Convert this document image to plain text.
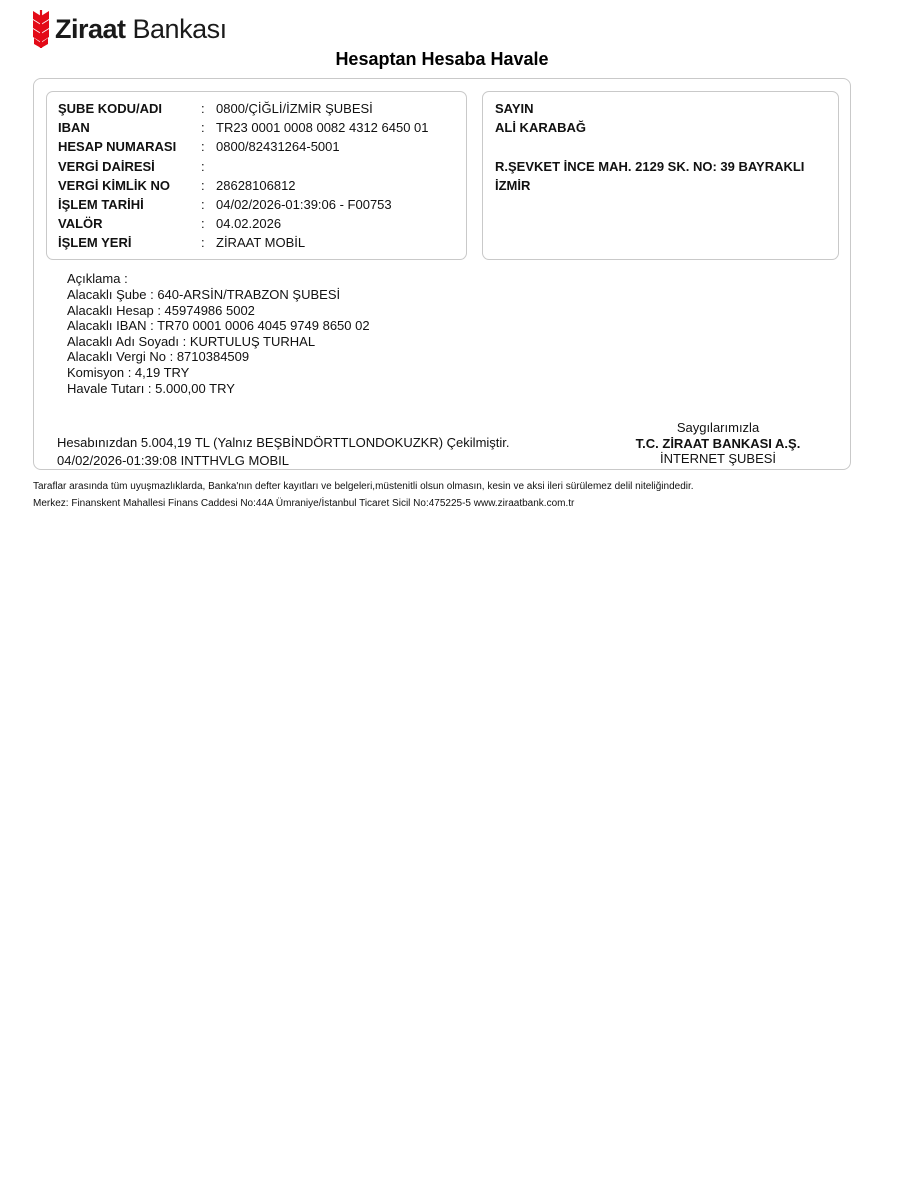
Ziraat Bankası
Hesaptan Hesaba Havale
ŞUBE KODU/ADI	: 0800/ÇİĞLİ/İZMİR ŞUBESİ
IBAN	: TR23 0001 0008 0082 4312 6450 01
HESAP NUMARASI	: 0800/82431264-5001
VERGİ DAİRESİ	:
VERGİ KİMLİK NO	: 28628106812
İŞLEM TARİHİ	: 04/02/2026-01:39:06 - F00753
VALÖR	: 04.02.2026
İŞLEM YERİ	: ZİRAAT MOBİL
SAYIN
ALİ KARABAĞ
R.ŞEVKET İNCE MAH. 2129 SK. NO: 39 BAYRAKLI
İZMİR
Açıklama :
Alacaklı Şube : 640-ARSİN/TRABZON ŞUBESİ
Alacaklı Hesap : 45974986 5002
Alacaklı IBAN : TR70 0001 0006 4045 9749 8650 02
Alacaklı Adı Soyadı : KURTULUŞ TURHAL
Alacaklı Vergi No : 8710384509
Komisyon : 4,19 TRY
Havale Tutarı : 5.000,00 TRY
Hesabınızdan 5.004,19 TL (Yalnız BEŞBİNDÖRTTLONDOKUZKR) Çekilmiştir.
04/02/2026-01:39:08 INTTHVLG MOBIL
Saygılarımızla
T.C. ZİRAAT BANKASI A.Ş.
İNTERNET ŞUBESİ
Taraflar arasında tüm uyuşmazlıklarda, Banka'nın defter kayıtları ve belgeleri,müstenitli olsun olmasın, kesin ve aksi ileri sürülemez delil niteliğindedir.
Merkez: Finanskent Mahallesi Finans Caddesi No:44A Ümraniye/İstanbul Ticaret Sicil No:475225-5 www.ziraatbank.com.tr
